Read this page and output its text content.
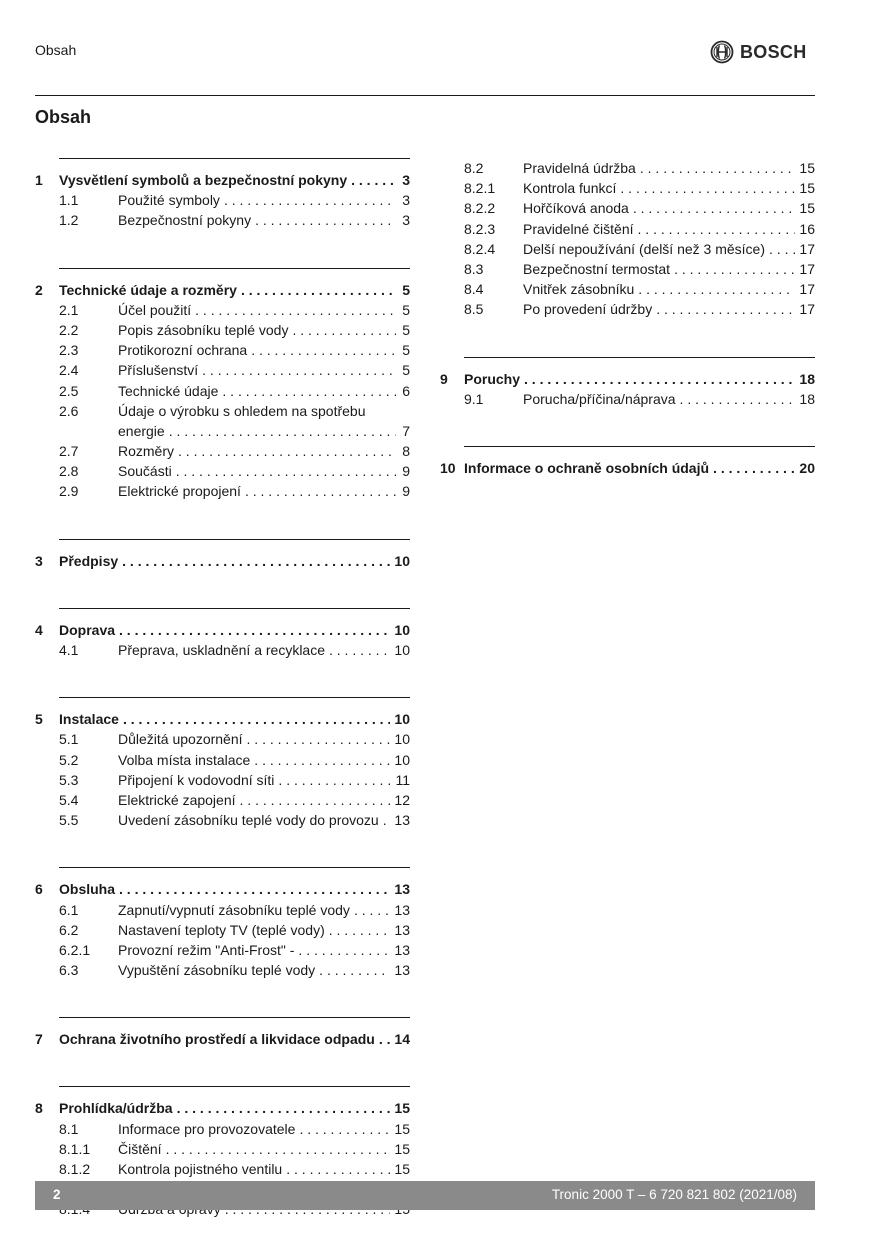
Obsah	BOSCH
Obsah
1	Vysvětlení symbolů a bezpečnostní pokyny . . .	3
1.1	Použité symboly . . .	3
1.2	Bezpečnostní pokyny . . .	3
2	Technické údaje a rozměry . . .	5
2.1	Účel použití . . .	5
2.2	Popis zásobníku teplé vody . . .	5
2.3	Protikorozní ochrana . . .	5
2.4	Příslušenství . . .	5
2.5	Technické údaje . . .	6
2.6	Údaje o výrobku s ohledem na spotřebu
energie . . .	7
2.7	Rozměry . . .	8
2.8	Součásti . . .	9
2.9	Elektrické propojení . . .	9
3	Předpisy . . .	10
4	Doprava . . .	10
4.1	Přeprava, uskladnění a recyklace . . .	10
5	Instalace . . .	10
5.1	Důležitá upozornění . . .	10
5.2	Volba místa instalace . . .	10
5.3	Připojení k vodovodní síti . . .	11
5.4	Elektrické zapojení . . .	12
5.5	Uvedení zásobníku teplé vody do provozu . . . 13
6	Obsluha . . .	13
6.1	Zapnutí/vypnutí zásobníku teplé vody . . .	13
6.2	Nastavení teploty TV (teplé vody) . . .	13
6.2.1	Provozní režim "Anti-Frost" - . . .	13
6.3	Vypuštění zásobníku teplé vody . . .	13
7	Ochrana životního prostředí a likvidace odpadu . . . 14
8	Prohlídka/údržba . . .	15
8.1	Informace pro provozovatele . . .	15
8.1.1	Čištění . . .	15
8.1.2	Kontrola pojistného ventilu . . .	15
. . .
. . .
8.2	Pravidelná údržba . . .	15
8.2.1	Kontrola funkcí . . .	15
8.2.2	Hořčíková anoda . . .	15
8.2.3	Pravidelné čištění . . .	16
8.2.4	Delší nepoužívání (delší než 3 měsíce) . . . 17
8.3	Bezpečnostní termostat . . .	17
8.4	Vnitřek zásobníku . . .	17
8.5	Po provedení údržby . . .	17
9	Poruchy . . .	18
9.1	Porucha/příčina/náprava . . .	18
10 Informace o ochraně osobních údajů . . .	20
2	Tronic 2000 T – 6 720 821 802 (2021/08)
